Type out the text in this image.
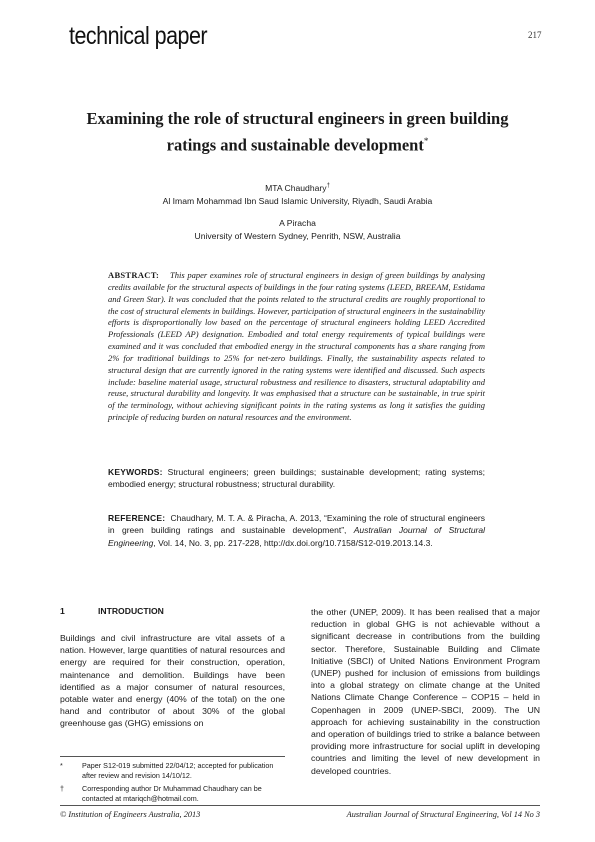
technical paper	217
Examining the role of structural engineers in green building ratings and sustainable development*
MTA Chaudhary†
Al Imam Mohammad Ibn Saud Islamic University, Riyadh, Saudi Arabia
A Piracha
University of Western Sydney, Penrith, NSW, Australia
ABSTRACT: This paper examines role of structural engineers in design of green buildings by analysing credits available for the structural aspects of buildings in the four rating systems (LEED, BREEAM, Estidama and Green Star). It was concluded that the points related to the structural credits are roughly proportional to the cost of structural elements in buildings. However, participation of structural engineers in the sustainability efforts is disproportionally low based on the percentage of structural engineers holding LEED Accredited Professionals (LEED AP) designation. Embodied and total energy requirements of typical buildings were examined and it was concluded that embodied energy in the structural components has a share ranging from 2% for traditional buildings to 25% for net-zero buildings. Finally, the sustainability aspects related to structural design that are currently ignored in the rating systems were identified and discussed. Such aspects include: baseline material usage, structural robustness and resilience to disasters, structural adaptability and reuse, structural durability and longevity. It was emphasised that a structure can be sustainable, in true spirit of the terminology, without achieving significant points in the rating systems as long it satisfies the guiding principle of reducing burden on natural resources and the environment.
KEYWORDS: Structural engineers; green buildings; sustainable development; rating systems; embodied energy; structural robustness; structural durability.
REFERENCE: Chaudhary, M. T. A. & Piracha, A. 2013, “Examining the role of structural engineers in green building ratings and sustainable development”, Australian Journal of Structural Engineering, Vol. 14, No. 3, pp. 217-228, http://dx.doi.org/10.7158/S12-019.2013.14.3.
1	INTRODUCTION
Buildings and civil infrastructure are vital assets of a nation. However, large quantities of natural resources and energy are required for their construction, operation, maintenance and demolition. Buildings have been identified as a major consumer of natural resources, potable water and energy (40% of the total) on the one hand and contributor of about 30% of the global greenhouse gas (GHG) emissions on
the other (UNEP, 2009). It has been realised that a major reduction in global GHG is not achievable without a significant decrease in contributions from the building sector. Therefore, Sustainable Building and Climate Initiative (SBCI) of United Nations Environment Program (UNEP) pushed for inclusion of emissions from buildings into a global strategy on climate change at the United Nations Climate Change Conference – COP15 – held in Copenhagen in 2009 (UNEP-SBCI, 2009). The UN approach for achieving sustainability in the construction and operation of buildings tried to strike a balance between providing more infrastructure for social uplift in developing countries and limiting the level of new development in developed countries.
*	Paper S12-019 submitted 22/04/12; accepted for publication after review and revision 14/10/12.
†	Corresponding author Dr Muhammad Chaudhary can be contacted at mtariqch@hotmail.com.
© Institution of Engineers Australia, 2013	Australian Journal of Structural Engineering, Vol 14 No 3
